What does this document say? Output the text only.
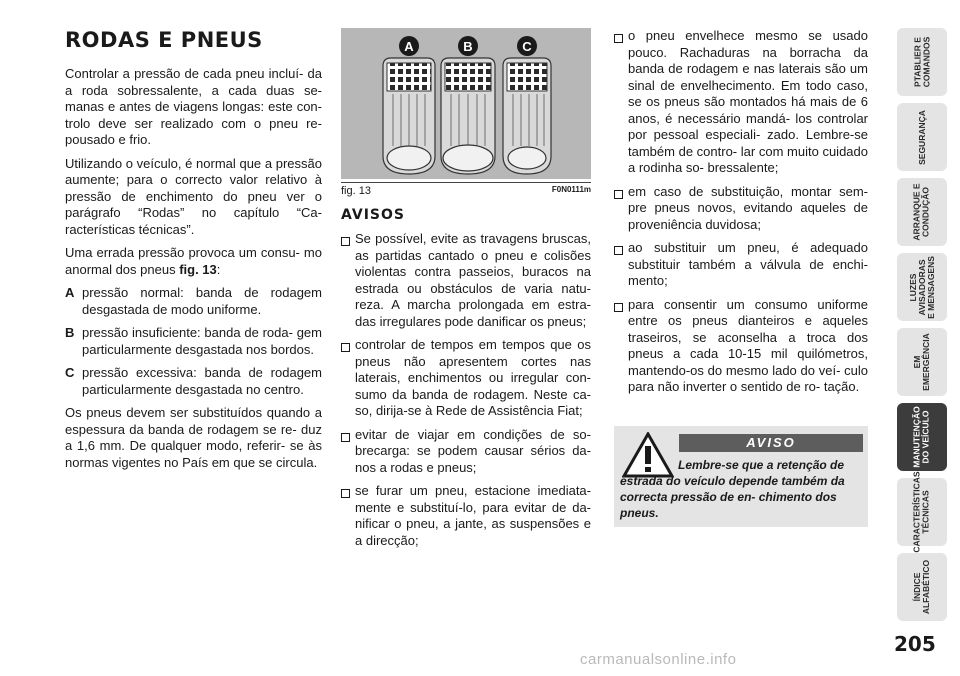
RODAS E PNEUS

Controlar a pressão de cada pneu incluí- da a roda sobressalente, a cada duas se- manas e antes de viagens longas: este con- trolo deve ser realizado com o pneu re- pousado e frio.

Utilizando o veículo, é normal que a pressão aumente; para o correcto valor relativo à pressão de enchimento do pneu ver o parágrafo “Rodas” no capítulo “Ca- racterísticas técnicas”.

Uma errada pressão provoca um consu- mo anormal dos pneus fig. 13:

A pressão normal: banda de rodagem desgastada de modo uniforme.
B pressão insuficiente: banda de roda- gem particularmente desgastada nos bordos.
C pressão excessiva: banda de rodagem particularmente desgastada no centro.

Os pneus devem ser substituídos quando a espessura da banda de rodagem se re- duz a 1,6 mm. De qualquer modo, referir- se às normas vigentes no País em que se circula.

A	B	C
fig. 13	F0N0111m
AVISOS
Se possível, evite as travagens bruscas, as partidas cantado o pneu e colisões violentas contra passeios, buracos na estrada ou obstáculos de varia natu- reza. A marcha prolongada em estra- das irregulares pode danificar os pneus;
controlar de tempos em tempos que os pneus não apresentem cortes nas laterais, enchimentos ou irregular con- sumo da banda de rodagem. Neste ca- so, dirija-se à Rede de Assistência Fiat;
evitar de viajar em condições de so- brecarga: se podem causar sérios da- nos a rodas e pneus;
se furar um pneu, estacione imediata- mente e substituí-lo, para evitar de da- nificar o pneu, a jante, as suspensões e a direcção;
o pneu envelhece mesmo se usado pouco. Rachaduras na borracha da banda de rodagem e nas laterais são um sinal de envelhecimento. Em todo caso, se os pneus são montados há mais de 6 anos, é necessário mandá- los controlar por pessoal especiali- zado. Lembre-se também de contro- lar com muito cuidado a rodinha so- bressalente;
em caso de substituição, montar sem- pre pneus novos, evitando aqueles de proveniência duvidosa;
ao substituir um pneu, é adequado substituir também a válvula de enchi- mento;
para consentir um consumo uniforme entre os pneus dianteiros e aqueles traseiros, se aconselha a troca dos pneus a cada 10-15 mil quilómetros, mantendo-os do mesmo lado do veí- culo para não inverter o sentido de ro- tação.
AVISO
Lembre-se que a retenção de estrada do veículo depende também da correcta pressão de en- chimento dos pneus.
PTABLIER E
COMANDOS
SEGURANÇA
ARRANQUE E
CONDUÇÃO
LUZES
AVISADORAS
E MENSAGENS
EM
EMERGÊNCIA
MANUTENÇÃO
DO VEÍCULO
CARACTERÍSTICAS
TÉCNICAS
ÍNDICE
ALFABÉTICO
205
carmanualsonline.info
